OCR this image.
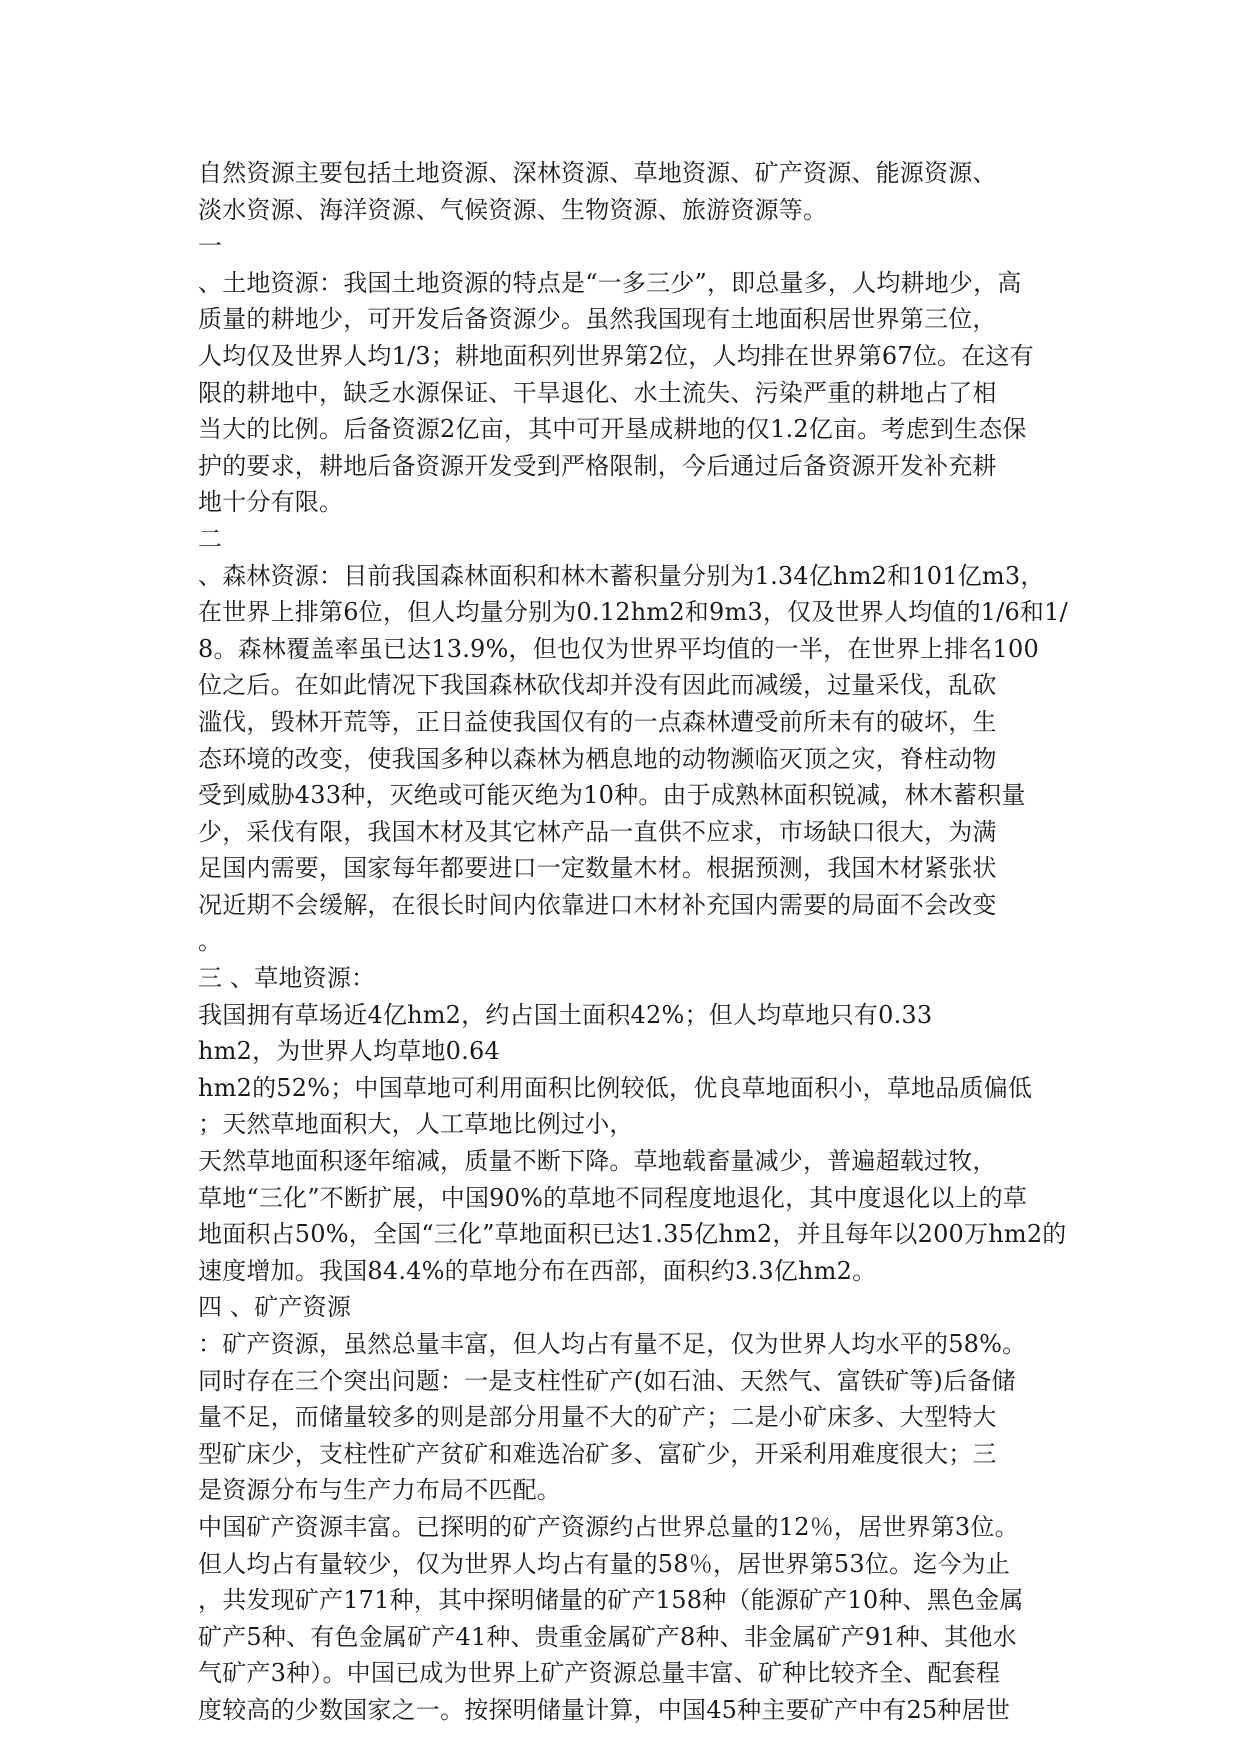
自然资源主要包括土地资源、深林资源、草地资源、矿产资源、能源资源、
淡水资源、海洋资源、气候资源、生物资源、旅游资源等。
一
、土地资源：我国土地资源的特点是“一多三少”，即总量多，人均耕地少，高
质量的耕地少，可开发后备资源少。虽然我国现有土地面积居世界第三位，
人均仅及世界人均1/3；耕地面积列世界第2位，人均排在世界第67位。在这有
限的耕地中，缺乏水源保证、干旱退化、水土流失、污染严重的耕地占了相
当大的比例。后备资源2亿亩，其中可开垦成耕地的仅1.2亿亩。考虑到生态保
护的要求，耕地后备资源开发受到严格限制，今后通过后备资源开发补充耕
地十分有限。
二
、森林资源：目前我国森林面积和林木蓄积量分别为1.34亿hm2和101亿m3，
在世界上排第6位，但人均量分别为0.12hm2和9m3，仅及世界人均值的1/6和1/
8。森林覆盖率虽已达13.9%，但也仅为世界平均值的一半，在世界上排名100
位之后。在如此情况下我国森林砍伐却并没有因此而减缓，过量采伐，乱砍
滥伐，毁林开荒等，正日益使我国仅有的一点森林遭受前所未有的破坏，生
态环境的改变，使我国多种以森林为栖息地的动物濒临灭顶之灾，脊柱动物
受到威胁433种，灭绝或可能灭绝为10种。由于成熟林面积锐减，林木蓄积量
少，采伐有限，我国木材及其它林产品一直供不应求，市场缺口很大，为满
足国内需要，国家每年都要进口一定数量木材。根据预测，我国木材紧张状
况近期不会缓解，在很长时间内依靠进口木材补充国内需要的局面不会改变
。
三 、草地资源：
我国拥有草场近4亿hm2，约占国土面积42%；但人均草地只有0.33
hm2，为世界人均草地0.64
hm2的52%；中国草地可利用面积比例较低，优良草地面积小，草地品质偏低
；天然草地面积大，人工草地比例过小，
天然草地面积逐年缩减，质量不断下降。草地载畜量减少，普遍超载过牧，
草地“三化”不断扩展，中国90%的草地不同程度地退化，其中度退化以上的草
地面积占50%，全国“三化”草地面积已达1.35亿hm2，并且每年以200万hm2的
速度增加。我国84.4%的草地分布在西部，面积约3.3亿hm2。
四 、矿产资源
：矿产资源，虽然总量丰富，但人均占有量不足，仅为世界人均水平的58%。
同时存在三个突出问题：一是支柱性矿产(如石油、天然气、富铁矿等)后备储
量不足，而储量较多的则是部分用量不大的矿产；二是小矿床多、大型特大
型矿床少，支柱性矿产贫矿和难选冶矿多、富矿少，开采利用难度很大；三
是资源分布与生产力布局不匹配。
中国矿产资源丰富。已探明的矿产资源约占世界总量的12％，居世界第3位。
但人均占有量较少，仅为世界人均占有量的58％，居世界第53位。迄今为止
，共发现矿产171种，其中探明储量的矿产158种（能源矿产10种、黑色金属
矿产5种、有色金属矿产41种、贵重金属矿产8种、非金属矿产91种、其他水
气矿产3种）。中国已成为世界上矿产资源总量丰富、矿种比较齐全、配套程
度较高的少数国家之一。按探明储量计算，中国45种主要矿产中有25种居世
